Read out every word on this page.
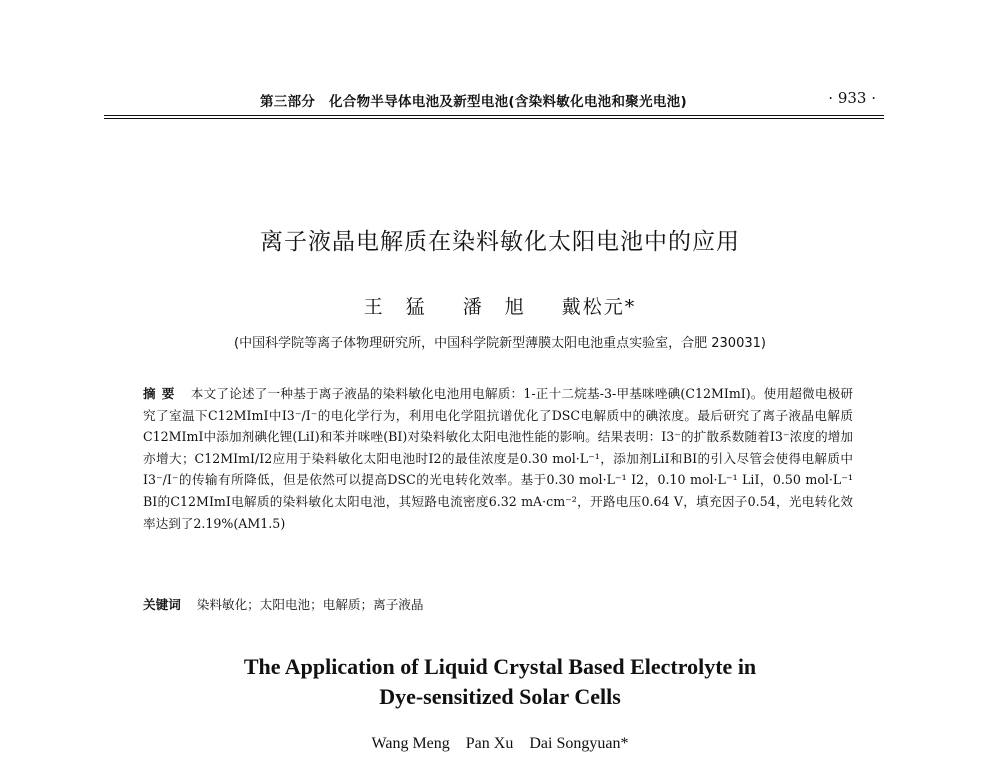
第三部分　化合物半导体电池及新型电池(含染料敏化电池和聚光电池)	· 933 ·
离子液晶电解质在染料敏化太阳电池中的应用
王　猛 潘　旭 戴松元*
(中国科学院等离子体物理研究所，中国科学院新型薄膜太阳电池重点实验室，合肥 230031)
摘要 本文了论述了一种基于离子液晶的染料敏化电池用电解质：1-正十二烷基-3-甲基咪唑碘(C12MImI)。使用超微电极研究了室温下C12MImI中I3⁻/I⁻的电化学行为，利用电化学阻抗谱优化了DSC电解质中的碘浓度。最后研究了离子液晶电解质C12MImI中添加剂碘化锂(LiI)和苯并咪唑(BI)对染料敏化太阳电池性能的影响。结果表明：I3⁻的扩散系数随着I3⁻浓度的增加亦增大；C12MImI/I2应用于染料敏化太阳电池时I2的最佳浓度是0.30 mol·L⁻¹，添加剂LiI和BI的引入尽管会使得电解质中I3⁻/I⁻的传输有所降低，但是依然可以提高DSC的光电转化效率。基于0.30 mol·L⁻¹ I2，0.10 mol·L⁻¹ LiI，0.50 mol·L⁻¹ BI的C12MImI电解质的染料敏化太阳电池，其短路电流密度6.32 mA·cm⁻²，开路电压0.64 V，填充因子0.54，光电转化效率达到了2.19%(AM1.5)
关键词 染料敏化；太阳电池；电解质；离子液晶
The Application of Liquid Crystal Based Electrolyte in
Dye-sensitized Solar Cells
Wang Meng Pan Xu Dai Songyuan*
